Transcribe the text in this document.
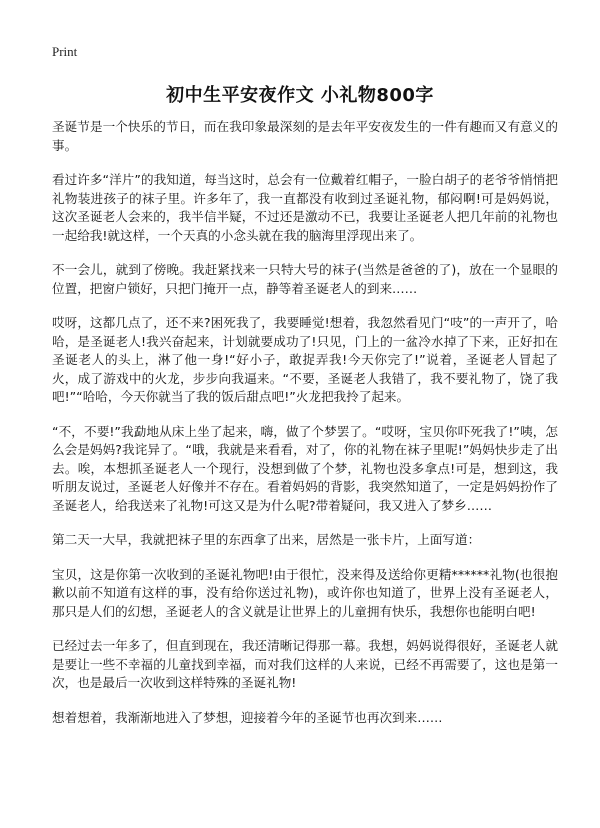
Print
初中生平安夜作文 小礼物800字

圣诞节是一个快乐的节日，而在我印象最深刻的是去年平安夜发生的一件有趣而又有意义的事。

看过许多“洋片”的我知道，每当这时，总会有一位戴着红帽子，一脸白胡子的老爷爷悄悄把礼物装进孩子的袜子里。许多年了，我一直都没有收到过圣诞礼物，郁闷啊!可是妈妈说，这次圣诞老人会来的，我半信半疑，不过还是激动不已，我要让圣诞老人把几年前的礼物也一起给我!就这样，一个天真的小念头就在我的脑海里浮现出来了。

不一会儿，就到了傍晚。我赶紧找来一只特大号的袜子(当然是爸爸的了)，放在一个显眼的位置，把窗户锁好，只把门掩开一点，静等着圣诞老人的到来……

哎呀，这都几点了，还不来?困死我了，我要睡觉!想着，我忽然看见门“吱”的一声开了，哈哈，是圣诞老人!我兴奋起来，计划就要成功了!只见，门上的一盆冷水掉了下来，正好扣在圣诞老人的头上，淋了他一身!“好小子，敢捉弄我!今天你完了!”说着，圣诞老人冒起了火，成了游戏中的火龙，步步向我逼来。“不要，圣诞老人我错了，我不要礼物了，饶了我吧!”“哈哈，今天你就当了我的饭后甜点吧!”火龙把我拎了起来。

“不，不要!”我勐地从床上坐了起来，嗨，做了个梦罢了。“哎呀，宝贝你吓死我了!”咦，怎么会是妈妈?我诧异了。“哦，我就是来看看，对了，你的礼物在袜子里呢!”妈妈快步走了出去。唉，本想抓圣诞老人一个现行，没想到做了个梦，礼物也没多拿点!可是，想到这，我听朋友说过，圣诞老人好像并不存在。看着妈妈的背影，我突然知道了，一定是妈妈扮作了圣诞老人，给我送来了礼物!可这又是为什么呢?带着疑问，我又进入了梦乡……

第二天一大早，我就把袜子里的东西拿了出来，居然是一张卡片，上面写道：

宝贝，这是你第一次收到的圣诞礼物吧!由于很忙，没来得及送给你更精******礼物(也很抱歉以前不知道有这样的事，没有给你送过礼物)，或许你也知道了，世界上没有圣诞老人，那只是人们的幻想，圣诞老人的含义就是让世界上的儿童拥有快乐，我想你也能明白吧!

已经过去一年多了，但直到现在，我还清晰记得那一幕。我想，妈妈说得很好，圣诞老人就是要让一些不幸福的儿童找到幸福，而对我们这样的人来说，已经不再需要了，这也是第一次，也是最后一次收到这样特殊的圣诞礼物!

想着想着，我渐渐地进入了梦想，迎接着今年的圣诞节也再次到来……
